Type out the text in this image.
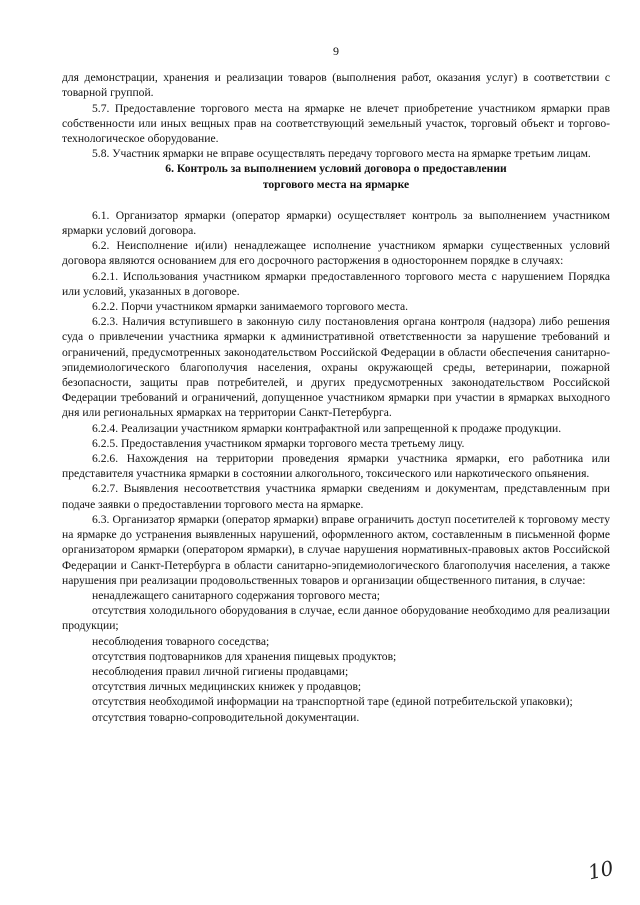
9

для демонстрации, хранения и реализации товаров (выполнения работ, оказания услуг) в соответствии с товарной группой.

5.7. Предоставление торгового места на ярмарке не влечет приобретение участником ярмарки прав собственности или иных вещных прав на соответствующий земельный участок, торговый объект и торгово-технологическое оборудование.

5.8. Участник ярмарки не вправе осуществлять передачу торгового места на ярмарке третьим лицам.

6. Контроль за выполнением условий договора о предоставлении
торгового места на ярмарке

6.1. Организатор ярмарки (оператор ярмарки) осуществляет контроль за выполнением участником ярмарки условий договора.

6.2. Неисполнение и(или) ненадлежащее исполнение участником ярмарки существенных условий договора являются основанием для его досрочного расторжения в одностороннем порядке в случаях:

6.2.1. Использования участником ярмарки предоставленного торгового места с нарушением Порядка или условий, указанных в договоре.

6.2.2. Порчи участником ярмарки занимаемого торгового места.

6.2.3. Наличия вступившего в законную силу постановления органа контроля (надзора) либо решения суда о привлечении участника ярмарки к административной ответственности за нарушение требований и ограничений, предусмотренных законодательством Российской Федерации в области обеспечения санитарно-эпидемиологического благополучия населения, охраны окружающей среды, ветеринарии, пожарной безопасности, защиты прав потребителей, и других предусмотренных законодательством Российской Федерации требований и ограничений, допущенное участником ярмарки при участии в ярмарках выходного дня или региональных ярмарках на территории Санкт-Петербурга.

6.2.4. Реализации участником ярмарки контрафактной или запрещенной к продаже продукции.

6.2.5. Предоставления участником ярмарки торгового места третьему лицу.

6.2.6. Нахождения на территории проведения ярмарки участника ярмарки, его работника или представителя участника ярмарки в состоянии алкогольного, токсического или наркотического опьянения.

6.2.7. Выявления несоответствия участника ярмарки сведениям и документам, представленным при подаче заявки о предоставлении торгового места на ярмарке.

6.3. Организатор ярмарки (оператор ярмарки) вправе ограничить доступ посетителей к торговому месту на ярмарке до устранения выявленных нарушений, оформленного актом, составленным в письменной форме организатором ярмарки (оператором ярмарки), в случае нарушения нормативных-правовых актов Российской Федерации и Санкт-Петербурга в области санитарно-эпидемиологического благополучия населения, а также нарушения при реализации продовольственных товаров и организации общественного питания, в случае:

ненадлежащего санитарного содержания торгового места;

отсутствия холодильного оборудования в случае, если данное оборудование необходимо для реализации продукции;

несоблюдения товарного соседства;

отсутствия подтоварников для хранения пищевых продуктов;

несоблюдения правил личной гигиены продавцами;

отсутствия личных медицинских книжек у продавцов;

отсутствия необходимой информации на транспортной таре (единой потребительской упаковки);

отсутствия товарно-сопроводительной документации.

10
